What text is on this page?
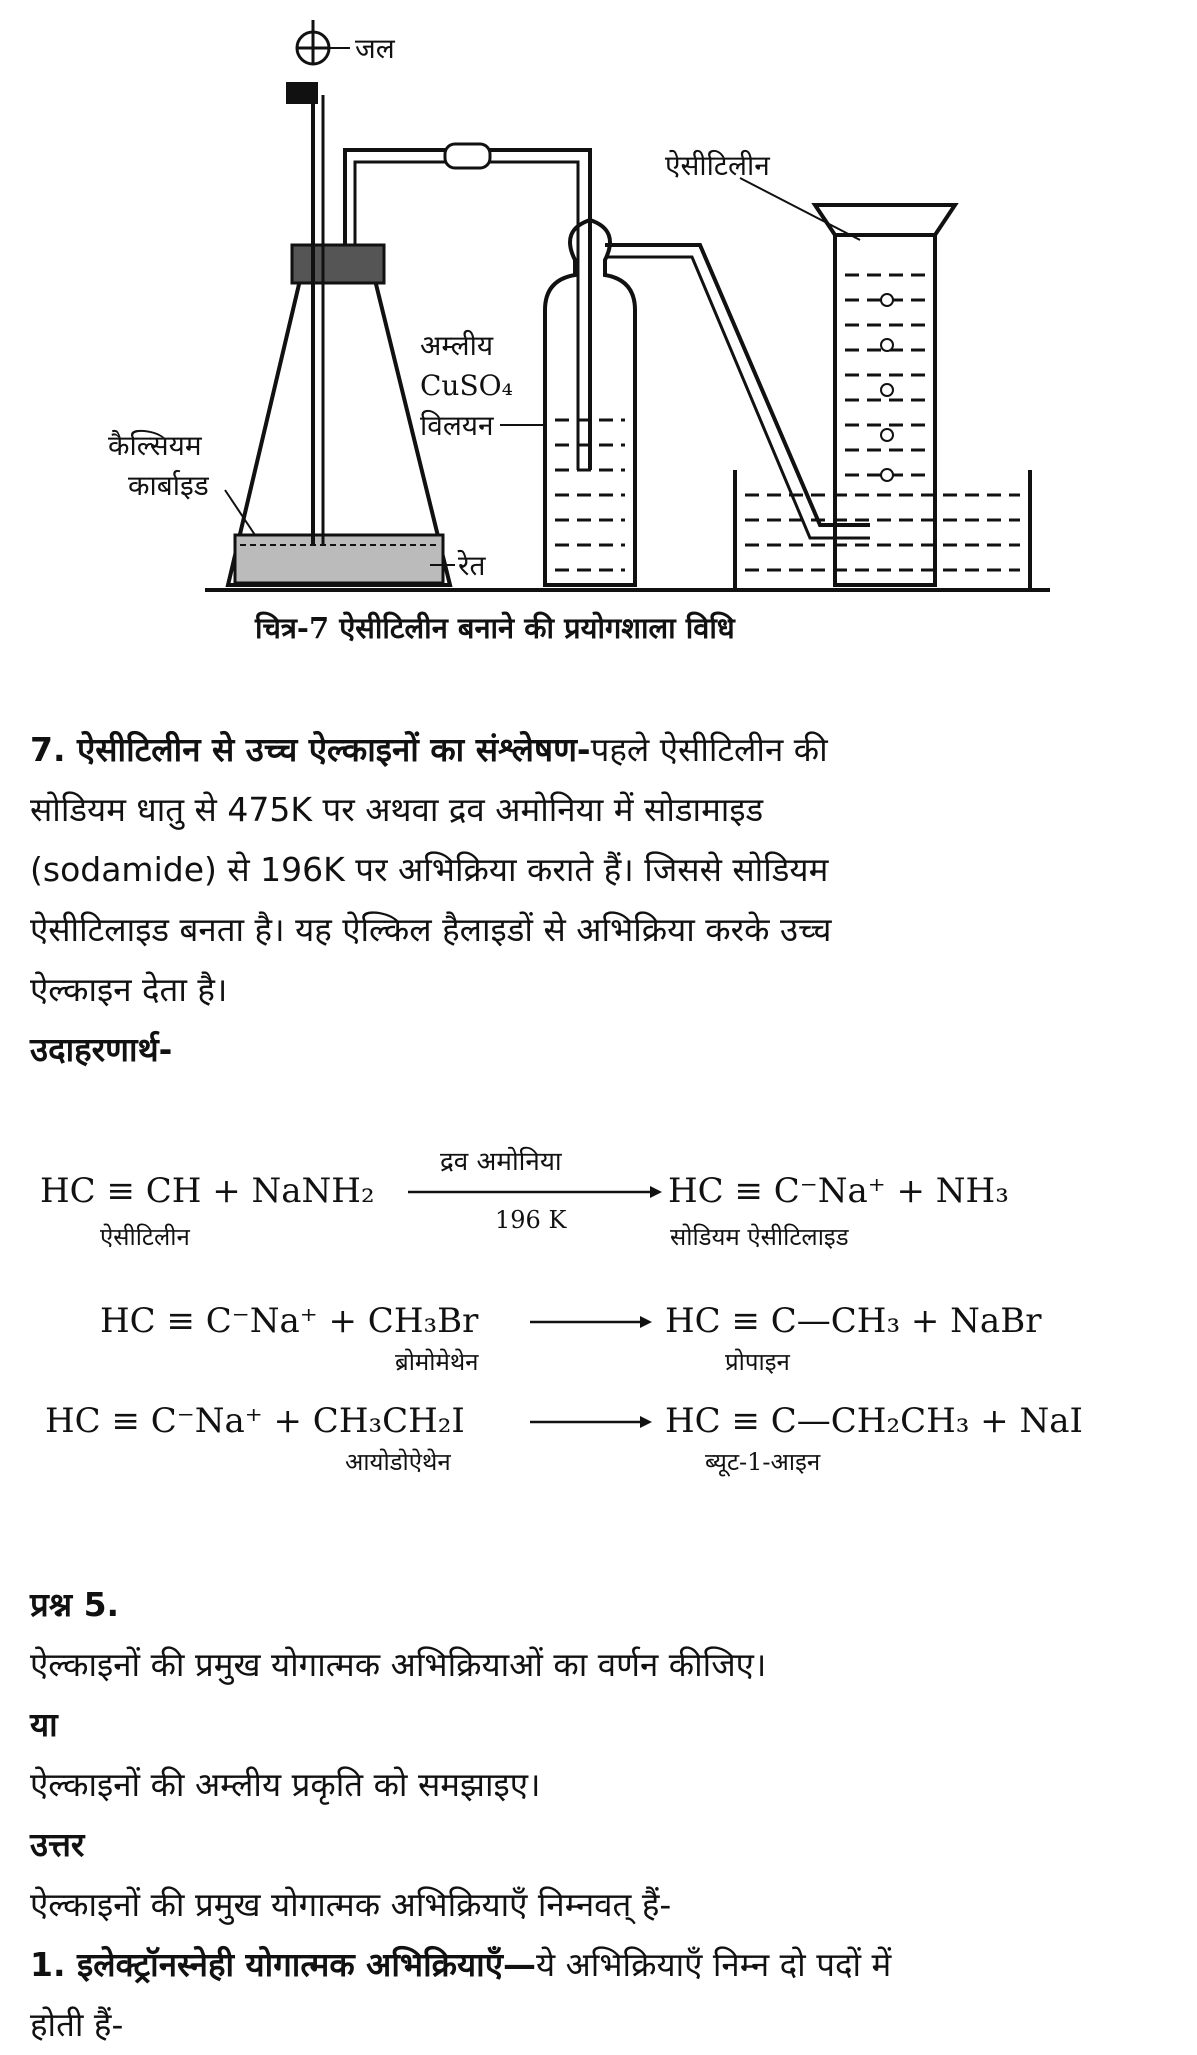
जल
ऐसीटिलीन
अम्लीय
CuSO₄
विलयन
कैल्सियम
कार्बाइड
रेत
चित्र-7 ऐसीटिलीन बनाने की प्रयोगशाला विधि
7. ऐसीटिलीन से उच्च ऐल्काइनों का संश्लेषण-पहले ऐसीटिलीन की
सोडियम धातु से 475K पर अथवा द्रव अमोनिया में सोडामाइड
(sodamide) से 196K पर अभिक्रिया कराते हैं। जिससे सोडियम
ऐसीटिलाइड बनता है। यह ऐल्किल हैलाइडों से अभिक्रिया करके उच्च
ऐल्काइन देता है।
उदाहरणार्थ-
HC ≡ CH + NaNH₂
द्रव अमोनिया
196 K
HC ≡ C⁻Na⁺ + NH₃
ऐसीटिलीन	सोडियम ऐसीटिलाइड
HC ≡ C⁻Na⁺ + CH₃Br	HC ≡ C—CH₃ + NaBr
ब्रोमोमेथेन	प्रोपाइन
HC ≡ C⁻Na⁺ + CH₃CH₂I	HC ≡ C—CH₂CH₃ + NaI
आयोडोऐथेन	ब्यूट-1-आइन
प्रश्न 5.
ऐल्काइनों की प्रमुख योगात्मक अभिक्रियाओं का वर्णन कीजिए।
या
ऐल्काइनों की अम्लीय प्रकृति को समझाइए।
उत्तर
ऐल्काइनों की प्रमुख योगात्मक अभिक्रियाएँ निम्नवत् हैं-
1. इलेक्ट्रॉनस्नेही योगात्मक अभिक्रियाएँ—ये अभिक्रियाएँ निम्न दो पदों में
होती हैं-
